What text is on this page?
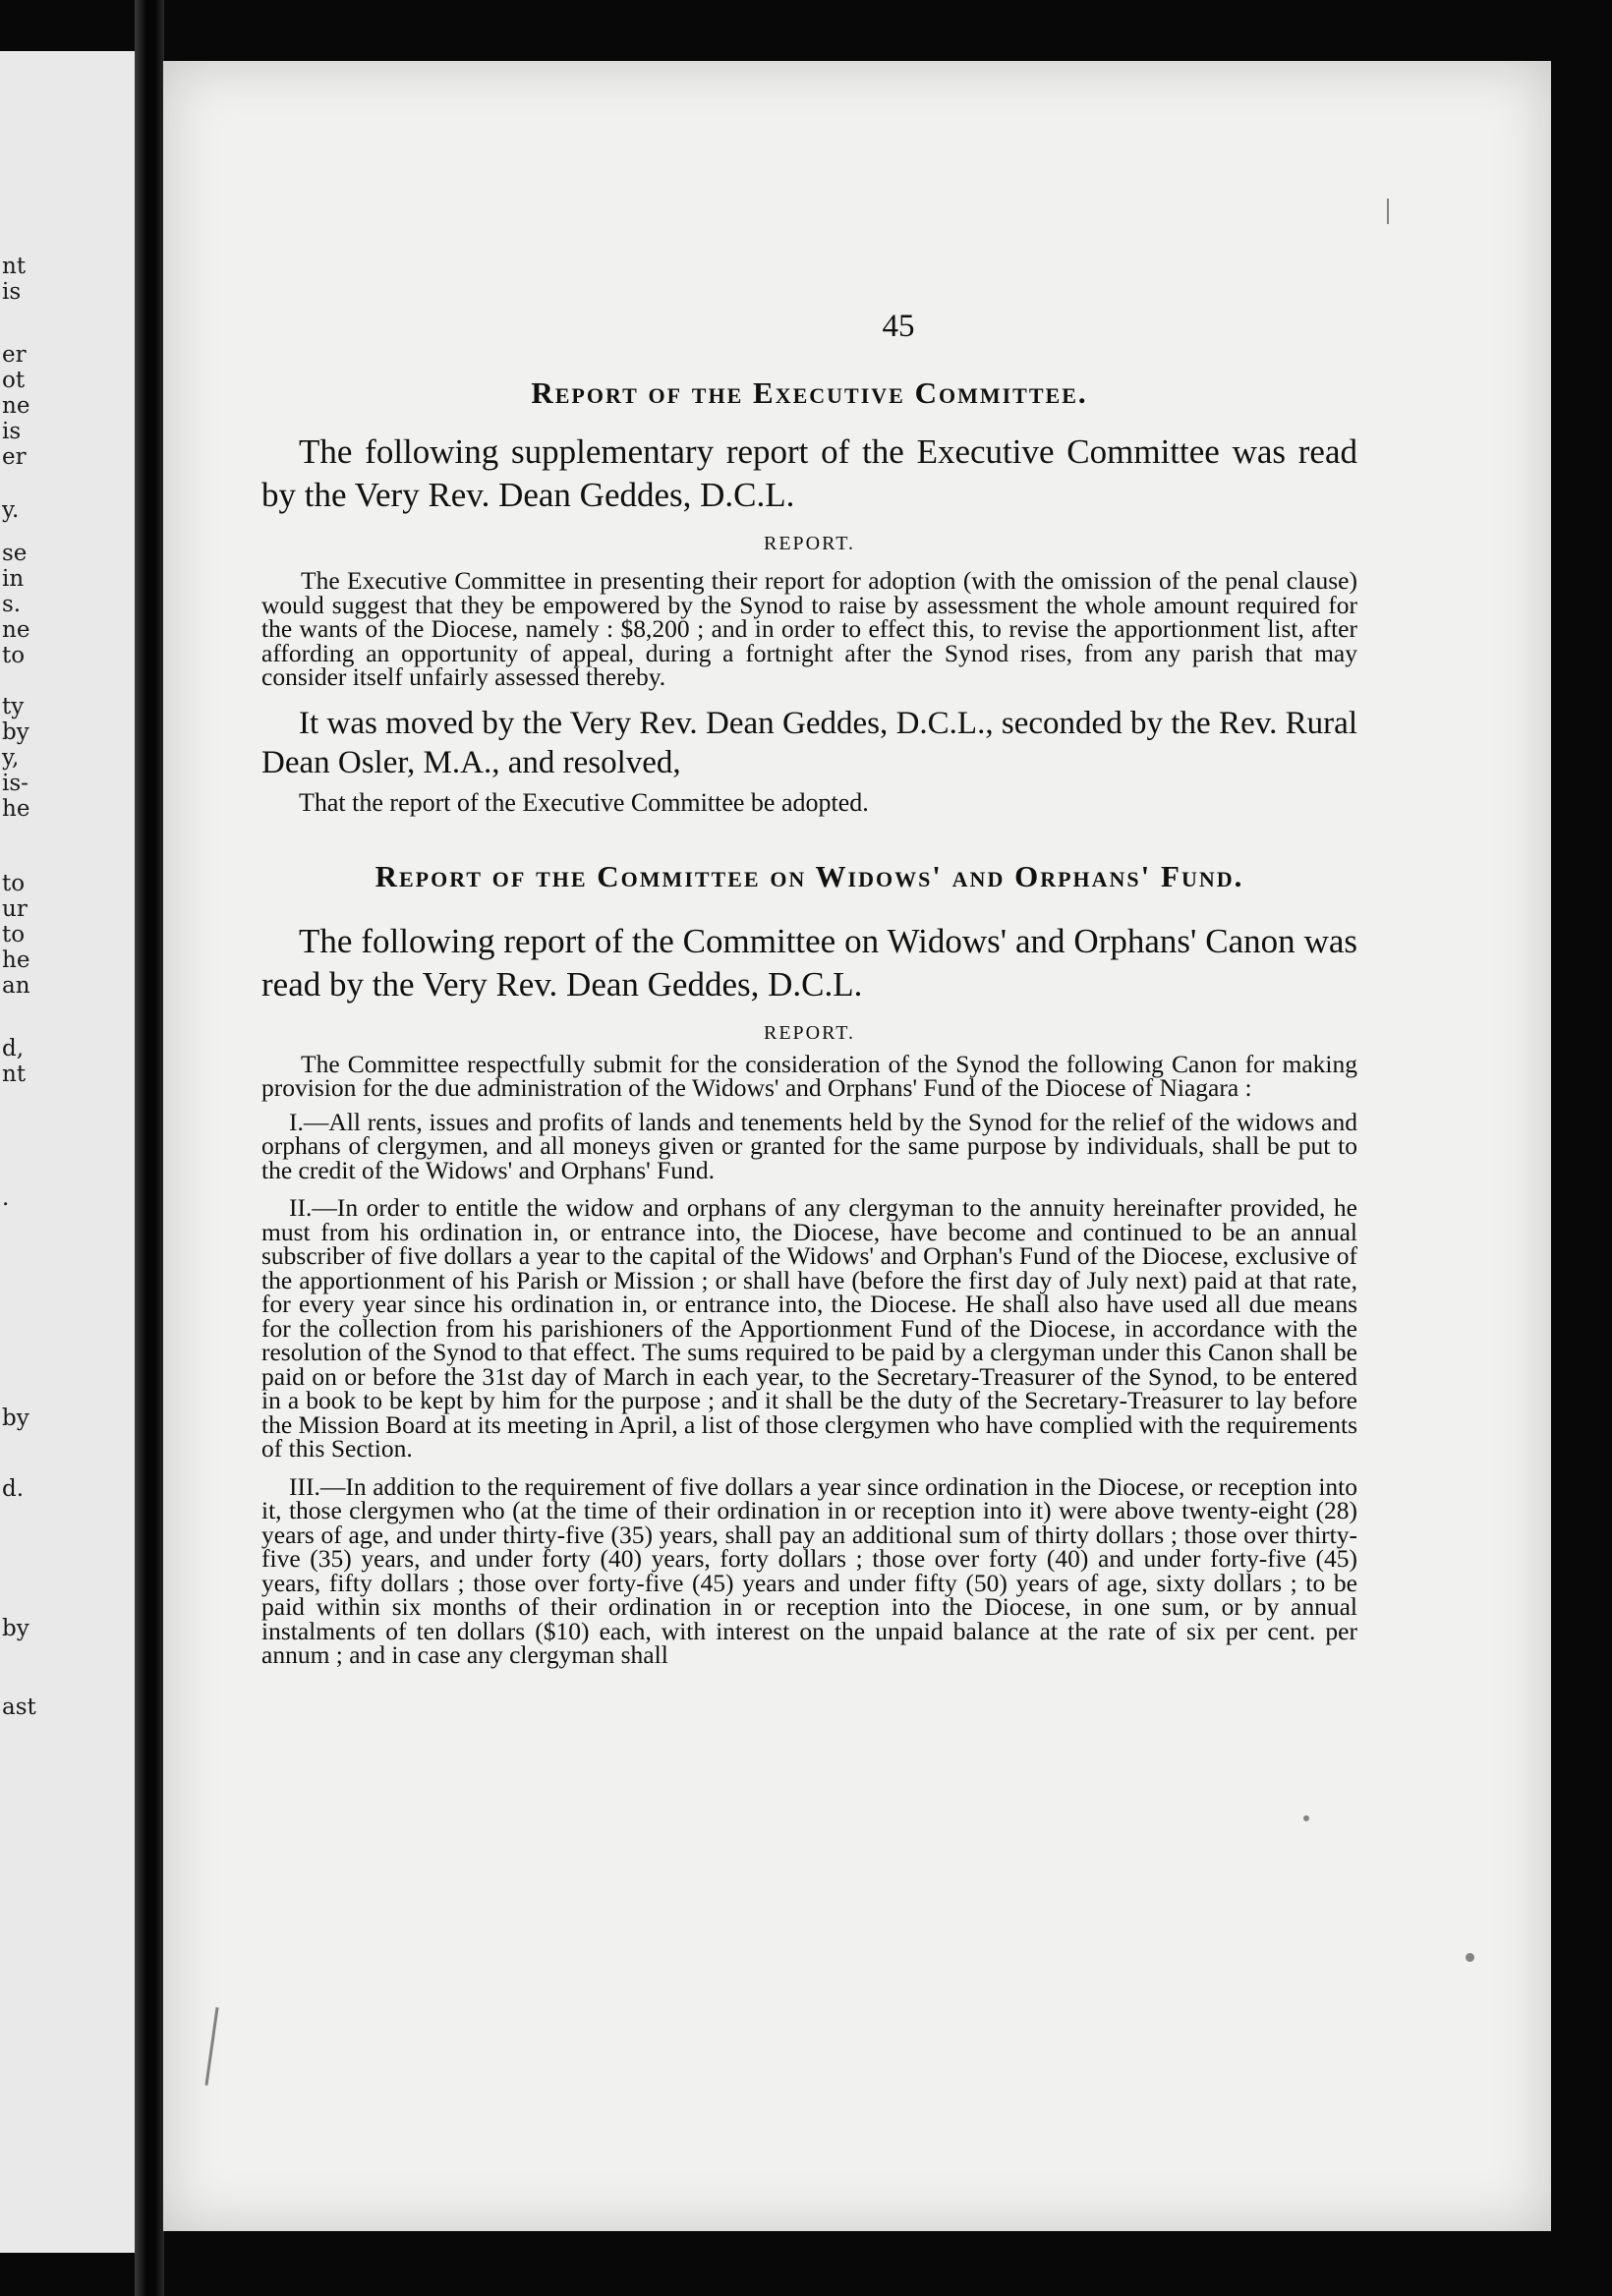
nt
is
er
ot
ne
is
er
y.
se
in
s.
ne
to
ty
by
y,
is-
he
to
ur
to
he
an
d,
nt
.
by
d.
by
ast
45
Report of the Executive Committee.

The following supplementary report of the Executive Committee was read by the Very Rev. Dean Geddes, D.C.L.

REPORT.

The Executive Committee in presenting their report for adoption (with the omission of the penal clause) would suggest that they be empowered by the Synod to raise by assessment the whole amount required for the wants of the Diocese, namely : $8,200 ; and in order to effect this, to revise the apportionment list, after affording an opportunity of appeal, during a fortnight after the Synod rises, from any parish that may consider itself unfairly assessed thereby.

It was moved by the Very Rev. Dean Geddes, D.C.L., seconded by the Rev. Rural Dean Osler, M.A., and resolved,

That the report of the Executive Committee be adopted.

Report of the Committee on Widows' and Orphans' Fund.

The following report of the Committee on Widows' and Orphans' Canon was read by the Very Rev. Dean Geddes, D.C.L.

REPORT.

The Committee respectfully submit for the consideration of the Synod the following Canon for making provision for the due administration of the Widows' and Orphans' Fund of the Diocese of Niagara :

I.—All rents, issues and profits of lands and tenements held by the Synod for the relief of the widows and orphans of clergymen, and all moneys given or granted for the same purpose by individuals, shall be put to the credit of the Widows' and Orphans' Fund.

II.—In order to entitle the widow and orphans of any clergyman to the annuity hereinafter provided, he must from his ordination in, or entrance into, the Diocese, have become and continued to be an annual subscriber of five dollars a year to the capital of the Widows' and Orphan's Fund of the Diocese, exclusive of the apportionment of his Parish or Mission ; or shall have (before the first day of July next) paid at that rate, for every year since his ordination in, or entrance into, the Diocese. He shall also have used all due means for the collection from his parishioners of the Apportionment Fund of the Diocese, in accordance with the resolution of the Synod to that effect. The sums required to be paid by a clergyman under this Canon shall be paid on or before the 31st day of March in each year, to the Secretary-Treasurer of the Synod, to be entered in a book to be kept by him for the purpose ; and it shall be the duty of the Secretary-Treasurer to lay before the Mission Board at its meeting in April, a list of those clergymen who have complied with the requirements of this Section.

III.—In addition to the requirement of five dollars a year since ordination in the Diocese, or reception into it, those clergymen who (at the time of their ordination in or reception into it) were above twenty-eight (28) years of age, and under thirty-five (35) years, shall pay an additional sum of thirty dollars ; those over thirty-five (35) years, and under forty (40) years, forty dollars ; those over forty (40) and under forty-five (45) years, fifty dollars ; those over forty-five (45) years and under fifty (50) years of age, sixty dollars ; to be paid within six months of their ordination in or reception into the Diocese, in one sum, or by annual instalments of ten dollars ($10) each, with interest on the unpaid balance at the rate of six per cent. per annum ; and in case any clergyman shall
